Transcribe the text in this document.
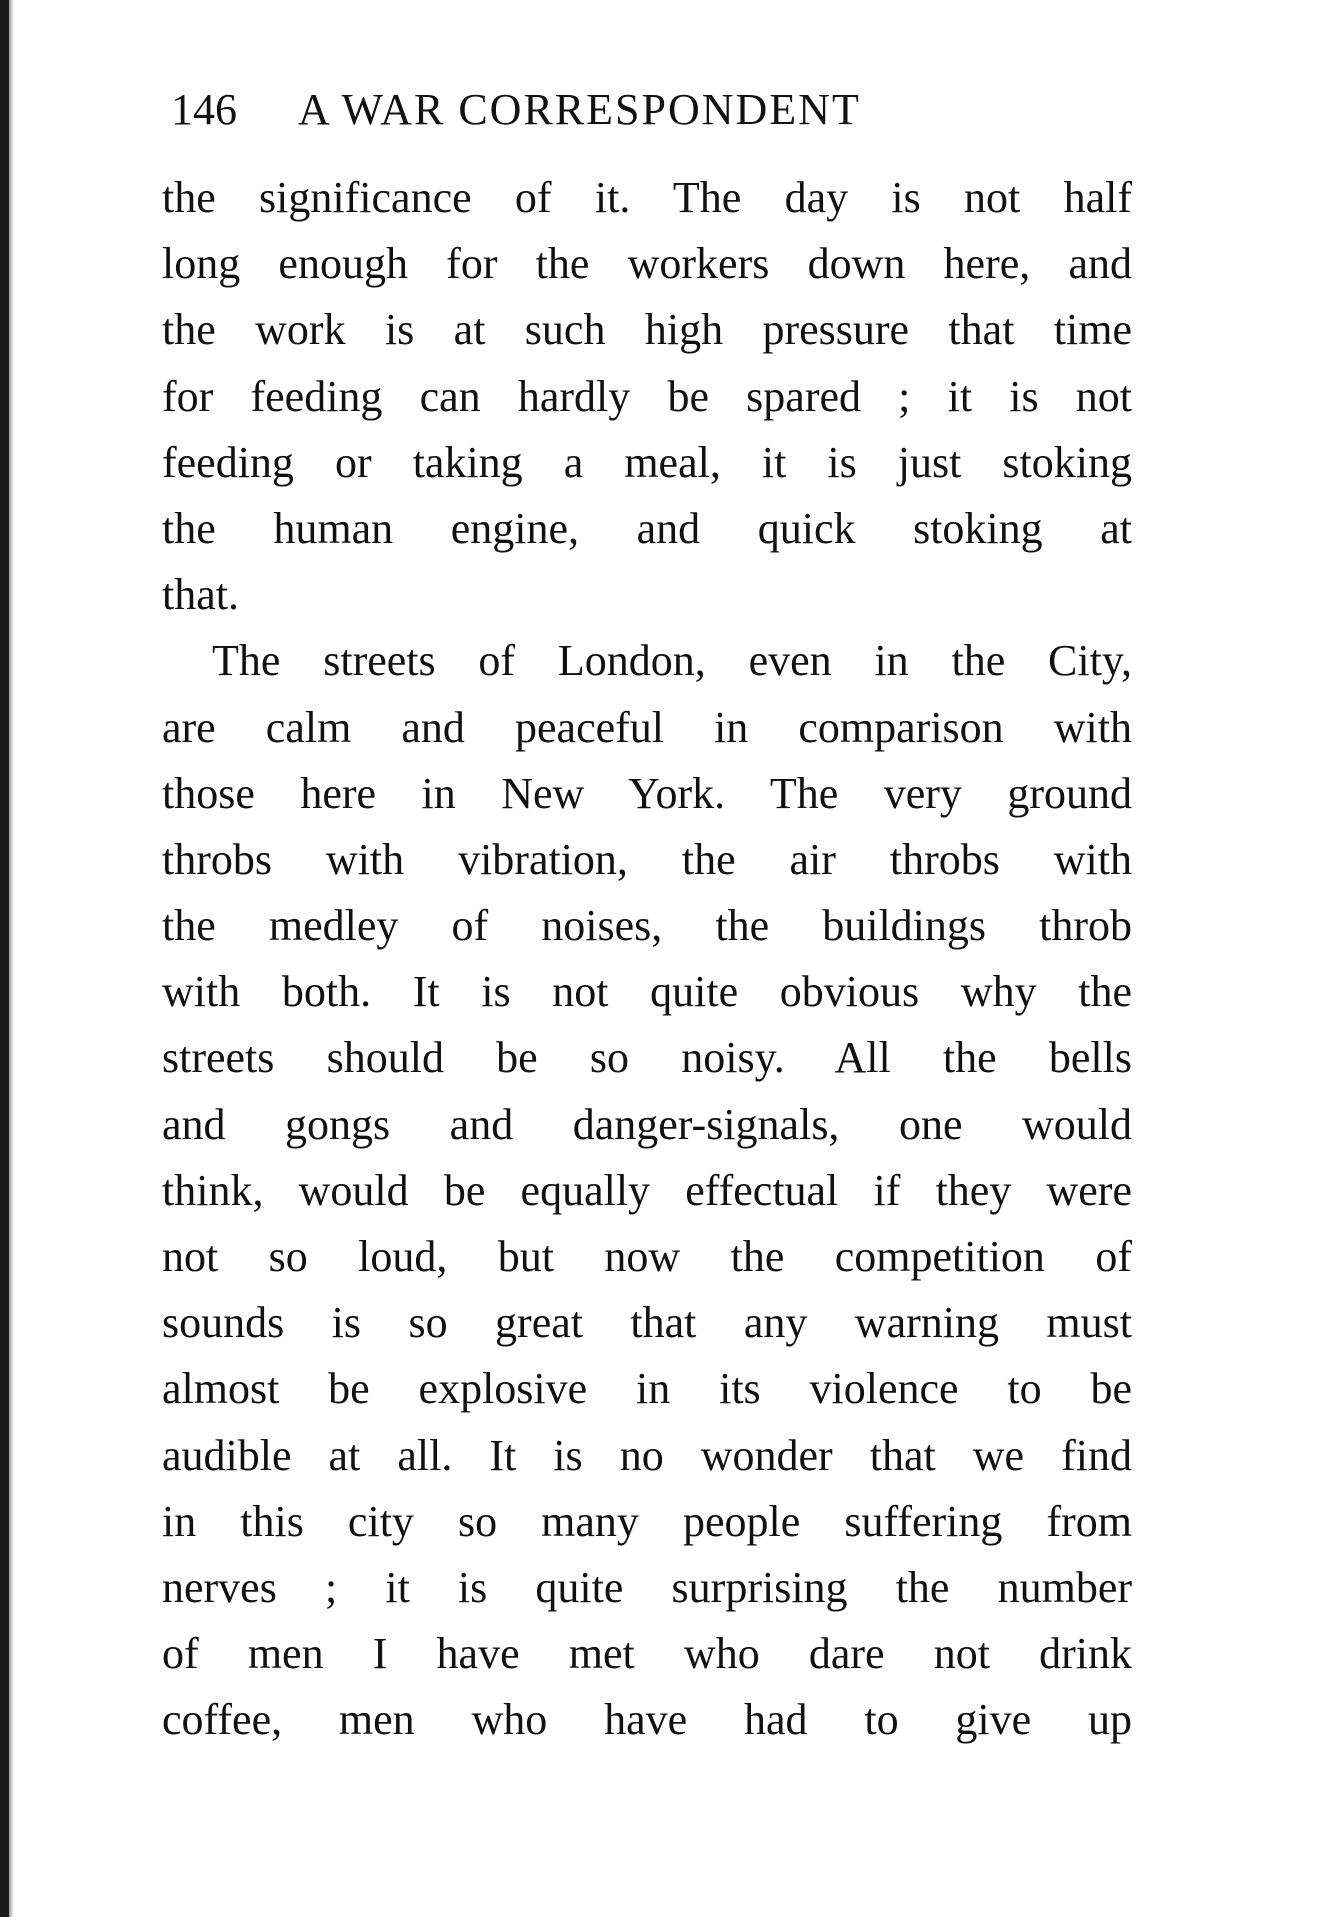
146 A WAR CORRESPONDENT
the significance of it. The day is not half
long enough for the workers down here, and
the work is at such high pressure that time
for feeding can hardly be spared ; it is not
feeding or taking a meal, it is just stoking
the human engine, and quick stoking at
that.
The streets of London, even in the City,
are calm and peaceful in comparison with
those here in New York. The very ground
throbs with vibration, the air throbs with
the medley of noises, the buildings throb
with both. It is not quite obvious why the
streets should be so noisy. All the bells
and gongs and danger-signals, one would
think, would be equally effectual if they were
not so loud, but now the competition of
sounds is so great that any warning must
almost be explosive in its violence to be
audible at all. It is no wonder that we find
in this city so many people suffering from
nerves ; it is quite surprising the number
of men I have met who dare not drink
coffee, men who have had to give up
